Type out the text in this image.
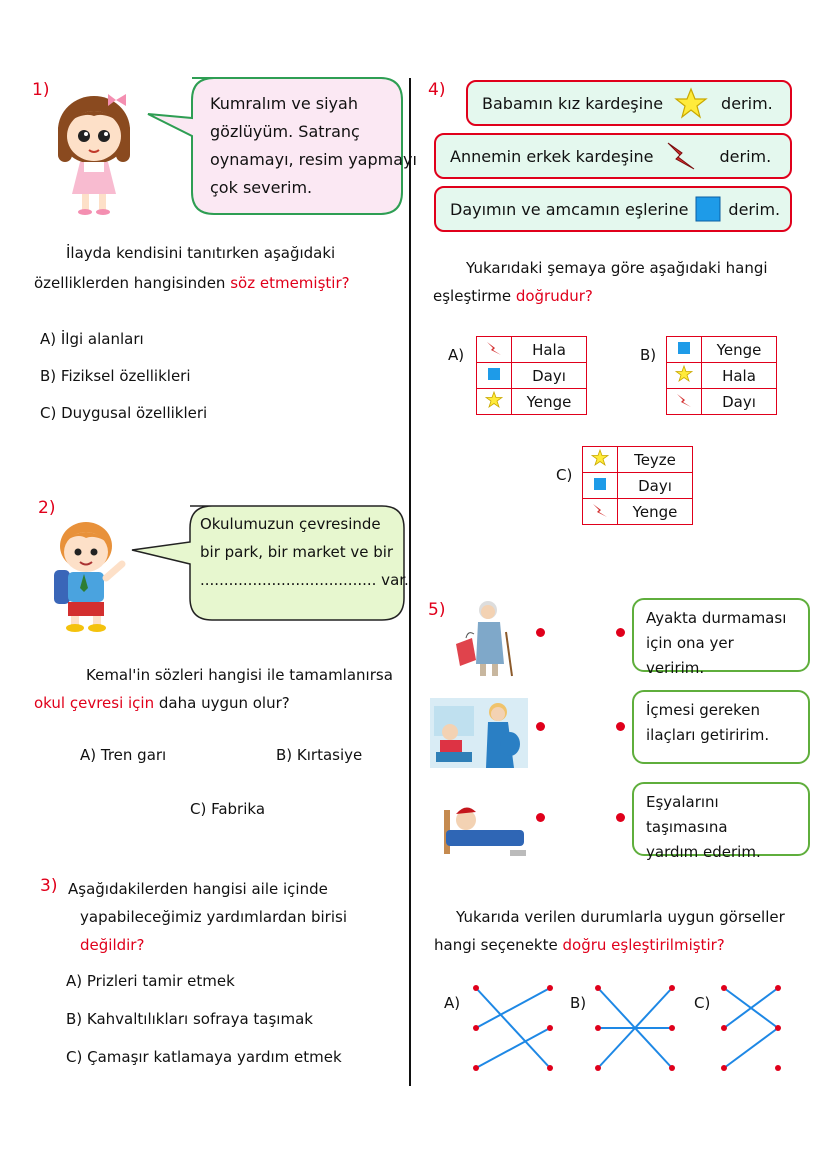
1)
Kumralım ve siyah
gözlüyüm. Satranç
oynamayı, resim yapmayı
çok severim.
İlayda kendisini tanıtırken aşağıdaki
özelliklerden hangisinden söz etmemiştir?
A) İlgi alanları
B) Fiziksel özellikleri
C) Duygusal özellikleri
2)
Okulumuzun çevresinde
bir park, bir market ve bir
..................................... var.
Kemal'in sözleri hangisi ile tamamlanırsa
okul çevresi için daha uygun olur?
A) Tren garı	B) Kırtasiye
C) Fabrika
3) Aşağıdakilerden hangisi aile içinde
yapabileceğimiz yardımlardan birisi
değildir?
A) Prizleri tamir etmek
B) Kahvaltılıkları sofraya taşımak
C) Çamaşır katlamaya yardım etmek
4)
Babamın kız kardeşine	derim.
Annemin erkek kardeşine	derim.
Dayımın ve amcamın eşlerine	derim.
Yukarıdaki şemaya göre aşağıdaki hangi
eşleştirme doğrudur?
A)
		Hala
	Dayı
	Yenge
B)
		Yenge
	Hala
	Dayı
C)
	Teyze
	Dayı
	Yenge
5)	Ayakta durmaması
için ona yer veririm.
İçmesi gereken
ilaçları getiririm.
Eşyalarını taşımasına
yardım ederim.
Yukarıda verilen durumlarla uygun görseller
hangi seçenekte doğru eşleştirilmiştir?
A)	B)	C)
